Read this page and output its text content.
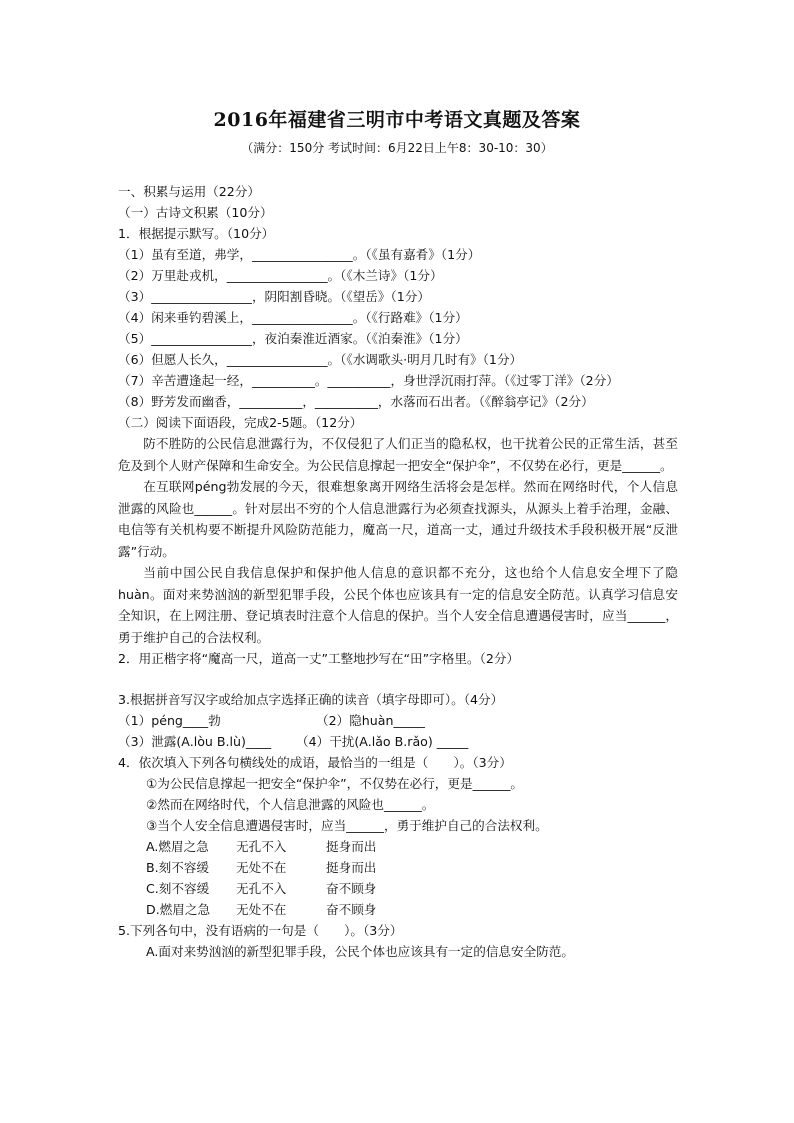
2016年福建省三明市中考语文真题及答案
（满分：150分 考试时间：6月22日上午8：30-10：30）
一、积累与运用（22分）
（一）古诗文积累（10分）
1．根据提示默写。（10分）
（1）虽有至道，弗学，________________。（《虽有嘉肴》（1分）
（2）万里赴戎机，________________。（《木兰诗》（1分）
（3）________________，阴阳割昏晓。（《望岳》（1分）
（4）闲来垂钓碧溪上，________________。（《行路难》（1分）
（5）________________，夜泊秦淮近酒家。（《泊秦淮》（1分）
（6）但愿人长久，________________。（《水调歌头·明月几时有》（1分）
（7）辛苦遭逢起一经，__________。__________，身世浮沉雨打萍。（《过零丁洋》（2分）
（8）野芳发而幽香，__________，__________，水落而石出者。（《醉翁亭记》（2分）
（二）阅读下面语段，完成2-5题。（12分）
防不胜防的公民信息泄露行为，不仅侵犯了人们正当的隐私权，也干扰着公民的正常生活，甚至危及到个人财产保障和生命安全。为公民信息撑起一把安全“保护伞”，不仅势在必行，更是______。
在互联网péng勃发展的今天，很难想象离开网络生活将会是怎样。然而在网络时代，个人信息泄露的风险也______。针对层出不穷的个人信息泄露行为必须查找源头，从源头上着手治理，金融、电信等有关机构要不断提升风险防范能力，魔高一尺，道高一丈，通过升级技术手段积极开展“反泄露”行动。
当前中国公民自我信息保护和保护他人信息的意识都不充分，这也给个人信息安全埋下了隐huàn。面对来势汹汹的新型犯罪手段，公民个体也应该具有一定的信息安全防范。认真学习信息安全知识，在上网注册、登记填表时注意个人信息的保护。当个人安全信息遭遇侵害时，应当______，勇于维护自己的合法权利。
2．用正楷字将“魔高一尺，道高一丈”工整地抄写在“田”字格里。（2分）
3.根据拼音写汉字或给加点字选择正确的读音（填字母即可）。（4分）
（1）péng____勃	（2）隐huàn_____
（3）泄露(A.lòu B.lù)____ （4）干扰(A.lǎo B.rǎo) _____
4．依次填入下列各句横线处的成语，最恰当的一组是（　　）。（3分）
①为公民信息撑起一把安全“保护伞”，不仅势在必行，更是______。
②然而在网络时代，个人信息泄露的风险也______。
③当个人安全信息遭遇侵害时，应当______，勇于维护自己的合法权利。
A.燃眉之急 无孔不入	挺身而出
B.刻不容缓 无处不在	挺身而出
C.刻不容缓 无孔不入	奋不顾身
D.燃眉之急 无处不在	奋不顾身
5.下列各句中，没有语病的一句是（　　）。（3分）
A.面对来势汹汹的新型犯罪手段，公民个体也应该具有一定的信息安全防范。
